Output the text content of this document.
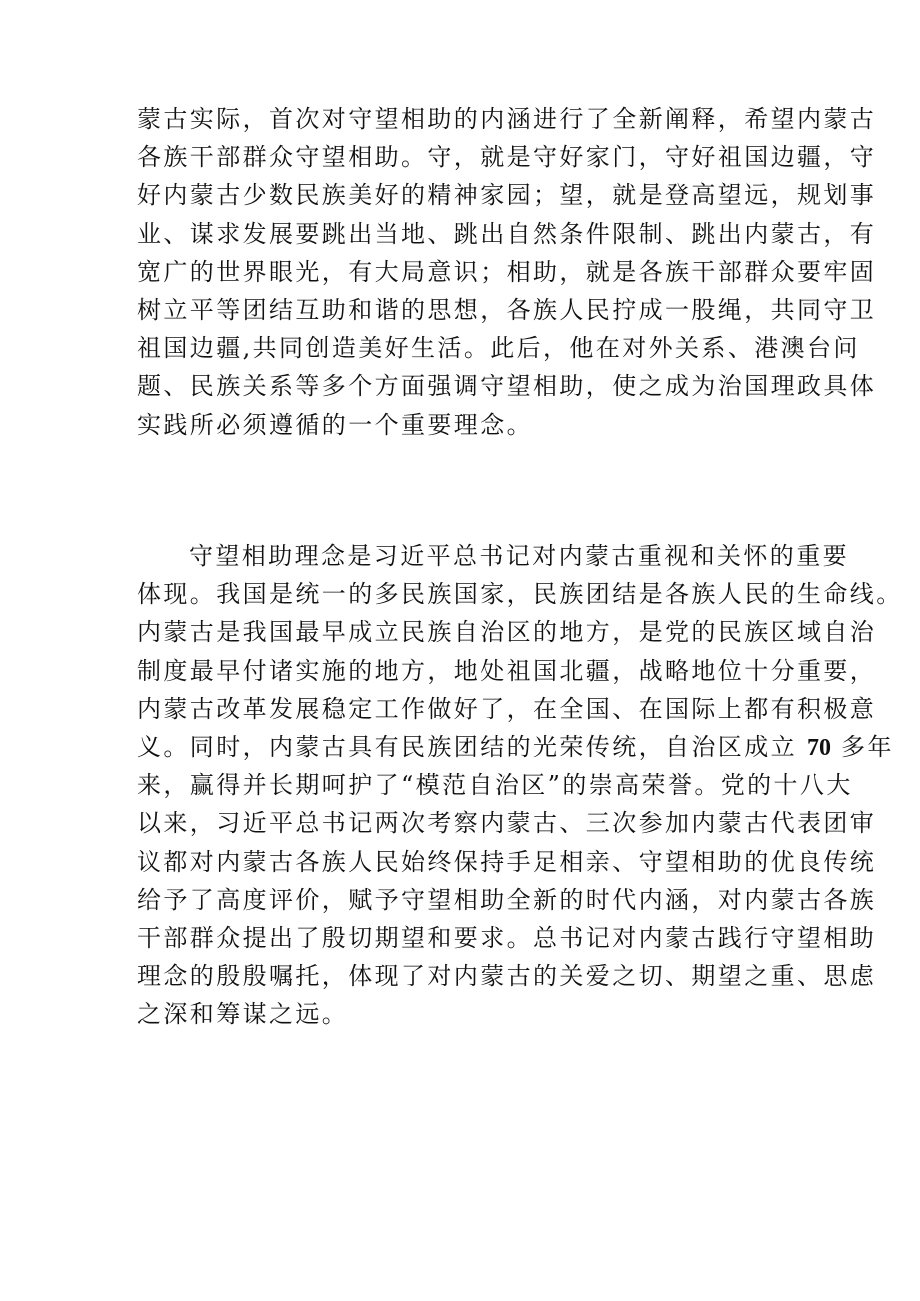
蒙古实际，首次对守望相助的内涵进行了全新阐释，希望内蒙古
各族干部群众守望相助。守，就是守好家门，守好祖国边疆，守
好内蒙古少数民族美好的精神家园；望，就是登高望远，规划事
业、谋求发展要跳出当地、跳出自然条件限制、跳出内蒙古，有
宽广的世界眼光，有大局意识；相助，就是各族干部群众要牢固
树立平等团结互助和谐的思想，各族人民拧成一股绳，共同守卫
祖国边疆,共同创造美好生活。此后，他在对外关系、港澳台问
题、民族关系等多个方面强调守望相助，使之成为治国理政具体
实践所必须遵循的一个重要理念。
守望相助理念是习近平总书记对内蒙古重视和关怀的重要
体现。我国是统一的多民族国家，民族团结是各族人民的生命线。
内蒙古是我国最早成立民族自治区的地方，是党的民族区域自治
制度最早付诸实施的地方，地处祖国北疆，战略地位十分重要，
内蒙古改革发展稳定工作做好了，在全国、在国际上都有积极意
义。同时，内蒙古具有民族团结的光荣传统，自治区成立 70 多年
来，赢得并长期呵护了“模范自治区”的崇高荣誉。党的十八大
以来，习近平总书记两次考察内蒙古、三次参加内蒙古代表团审
议都对内蒙古各族人民始终保持手足相亲、守望相助的优良传统
给予了高度评价，赋予守望相助全新的时代内涵，对内蒙古各族
干部群众提出了殷切期望和要求。总书记对内蒙古践行守望相助
理念的殷殷嘱托，体现了对内蒙古的关爱之切、期望之重、思虑
之深和筹谋之远。
